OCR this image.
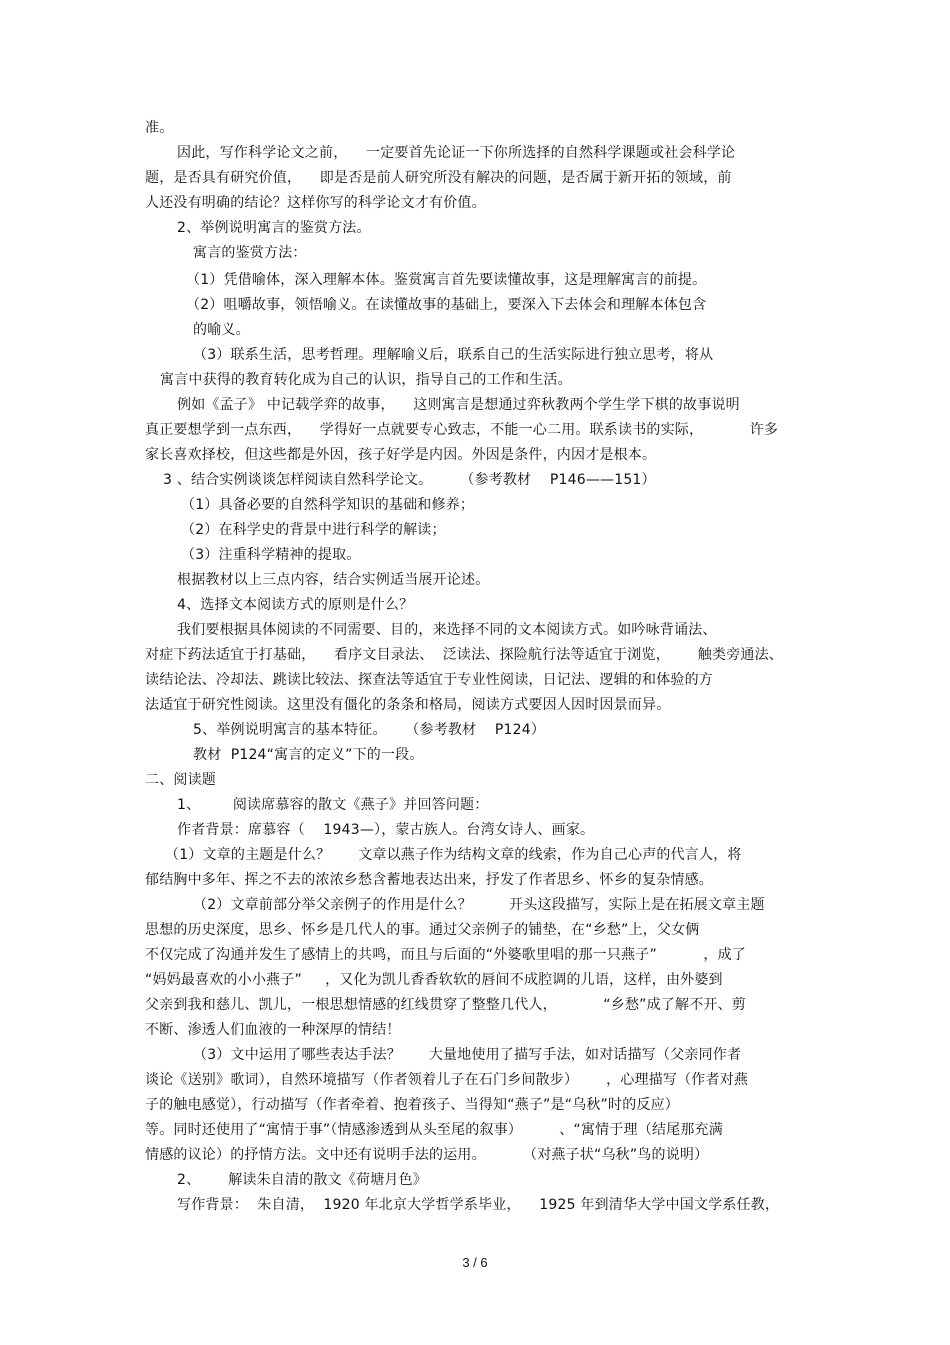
准。
因此，写作科学论文之前，    一定要首先论证一下你所选择的自然科学课题或社会科学论
题，是否具有研究价值，    即是否是前人研究所没有解决的问题，是否属于新开拓的领域，前
人还没有明确的结论？这样你写的科学论文才有价值。
2、举例说明寓言的鉴赏方法。
寓言的鉴赏方法：
（1）凭借喻体，深入理解本体。鉴赏寓言首先要读懂故事，这是理解寓言的前提。
（2）咀嚼故事，领悟喻义。在读懂故事的基础上，要深入下去体会和理解本体包含
的喻义。
（3）联系生活，思考哲理。理解喻义后，联系自己的生活实际进行独立思考，将从
寓言中获得的教育转化成为自己的认识，指导自己的工作和生活。
例如《孟子》 中记载学弈的故事，    这则寓言是想通过弈秋教两个学生学下棋的故事说明
真正要想学到一点东西，    学得好一点就要专心致志，不能一心二用。联系读书的实际，          许多
家长喜欢择校，但这些都是外因，孩子好学是内因。外因是条件，内因才是根本。
3 、结合实例谈谈怎样阅读自然科学论文。      （参考教材    P146——151）
（1）具备必要的自然科学知识的基础和修养；
（2）在科学史的背景中进行科学的解读；
（3）注重科学精神的提取。
根据教材以上三点内容，结合实例适当展开论述。
4、选择文本阅读方式的原则是什么？
我们要根据具体阅读的不同需要、目的，来选择不同的文本阅读方式。如吟咏背诵法、
对症下药法适宜于打基础，    看序文目录法、  泛读法、探险航行法等适宜于浏览，      触类旁通法、
读结论法、冷却法、跳读比较法、探查法等适宜于专业性阅读，日记法、逻辑的和体验的方
法适宜于研究性阅读。这里没有僵化的条条和格局，阅读方式要因人因时因景而异。
5、举例说明寓言的基本特征。    （参考教材    P124）
教材  P124“寓言的定义”下的一段。
二、阅读题
1、       阅读席慕容的散文《燕子》并回答问题：
作者背景：席慕容（    1943—），蒙古族人。台湾女诗人、画家。
（1）文章的主题是什么？      文章以燕子作为结构文章的线索，作为自己心声的代言人，将
郁结胸中多年、挥之不去的浓浓乡愁含蓄地表达出来，抒发了作者思乡、怀乡的复杂情感。
（2）文章前部分举父亲例子的作用是什么？        开头这段描写，实际上是在拓展文章主题
思想的历史深度，思乡、怀乡是几代人的事。通过父亲例子的铺垫，在“乡愁”上，父女俩
不仅完成了沟通并发生了感情上的共鸣，而且与后面的“外婆歌里唱的那一只燕子”          ，成了
“妈妈最喜欢的小小燕子”     ，又化为凯儿香香软软的唇间不成腔调的儿语，这样，由外婆到
父亲到我和慈儿、凯儿，一根思想情感的红线贯穿了整整几代人，          “乡愁”成了解不开、剪
不断、渗透人们血液的一种深厚的情结！
（3）文中运用了哪些表达手法？      大量地使用了描写手法，如对话描写（父亲同作者
谈论《送别》歌词），自然环境描写（作者领着儿子在石门乡间散步）      ，心理描写（作者对燕
子的触电感觉），行动描写（作者牵着、抱着孩子、当得知“燕子”是“乌秋”时的反应）
等。同时还使用了“寓情于事”（情感渗透到从头至尾的叙事）        、“寓情于理（结尾那充满
情感的议论）的抒情方法。文中还有说明手法的运用。        （对燕子状“乌秋”鸟的说明）
2、      解读朱自清的散文《荷塘月色》
写作背景：  朱自清，  1920 年北京大学哲学系毕业，    1925 年到清华大学中国文学系任教，
3 / 6
